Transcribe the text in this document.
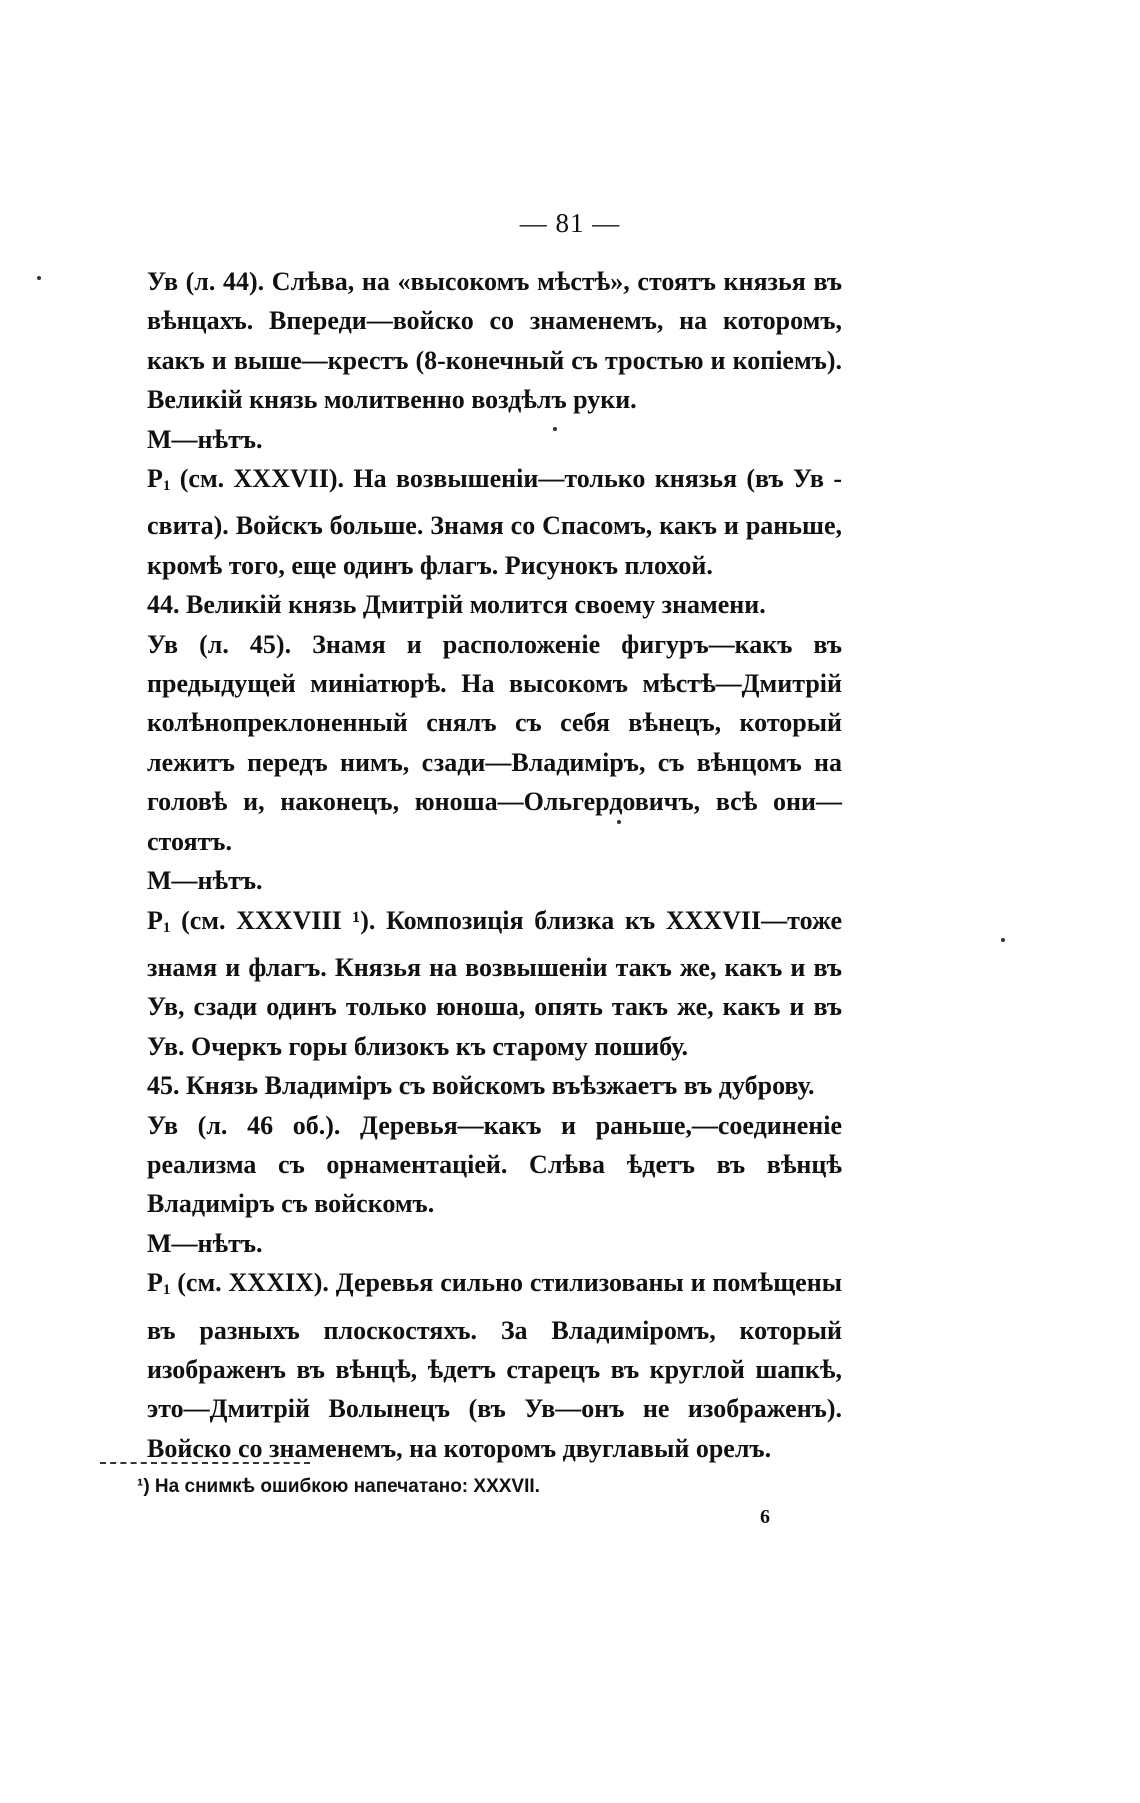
— 81 —

Ув (л. 44). Слѣва, на «высокомъ мѣстѣ», стоятъ князья въ вѣнцахъ. Впереди—войско со знаменемъ, на которомъ, какъ и выше—крестъ (8-конечный съ тростью и копіемъ). Великій князь молитвенно воздѣлъ руки.

М—нѣтъ.

$Р_1$ (см. XXXVII). На возвышеніи—только князья (въ Ув - свита). Войскъ больше. Знамя со Спасомъ, какъ и раньше, кромѣ того, еще одинъ флагъ. Рисунокъ плохой.

44. Великій князь Дмитрій молится своему знамени.

Ув (л. 45). Знамя и расположеніе фигуръ—какъ въ предыдущей миніатюрѣ. На высокомъ мѣстѣ—Дмитрій колѣнопреклоненный снялъ съ себя вѣнецъ, который лежитъ передъ нимъ, сзади—Владиміръ, съ вѣнцомъ на головѣ и, наконецъ, юноша—Ольгердовичъ, всѣ они—стоятъ.

М—нѣтъ.

$Р_1$ (см. XXXVIII ¹). Композиція близка къ XXXVII—тоже знамя и флагъ. Князья на возвышеніи такъ же, какъ и въ Ув, сзади одинъ только юноша, опять такъ же, какъ и въ Ув. Очеркъ горы близокъ къ старому пошибу.

45. Князь Владиміръ съ войскомъ въѣзжаетъ въ дуброву.

Ув (л. 46 об.). Деревья—какъ и раньше,—соединеніе реализма съ орнаментаціей. Слѣва ѣдетъ въ вѣнцѣ Владиміръ съ войскомъ.

М—нѣтъ.

$Р_1$ (см. XXXIX). Деревья сильно стилизованы и помѣщены въ разныхъ плоскостяхъ. За Владиміромъ, который изображенъ въ вѣнцѣ, ѣдетъ старецъ въ круглой шапкѣ, это—Дмитрій Волынецъ (въ Ув—онъ не изображенъ). Войско со знаменемъ, на которомъ двуглавый орелъ.

¹) На снимкѣ ошибкою напечатано: XXXVII.
6
